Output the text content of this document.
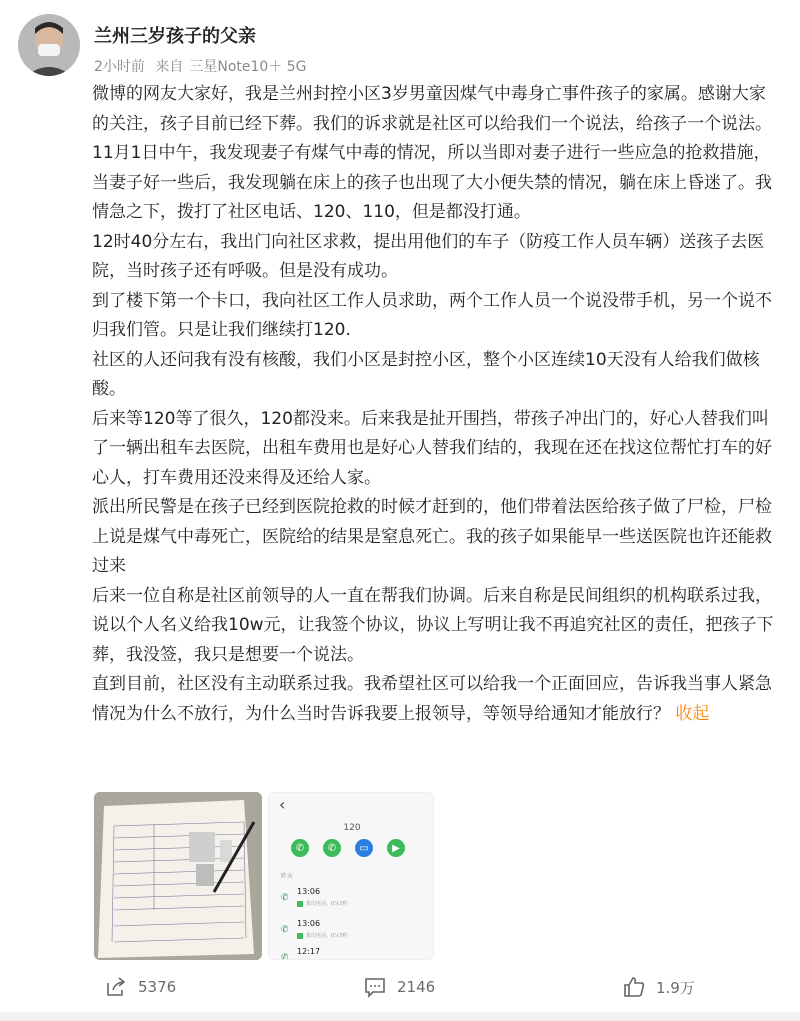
兰州三岁孩子的父亲
2小时前 来自 三星Note10＋ 5G

微博的网友大家好，我是兰州封控小区3岁男童因煤气中毒身亡事件孩子的家属。感谢大家的关注，孩子目前已经下葬。我们的诉求就是社区可以给我们一个说法，给孩子一个说法。

11月1日中午，我发现妻子有煤气中毒的情况，所以当即对妻子进行一些应急的抢救措施，当妻子好一些后，我发现躺在床上的孩子也出现了大小便失禁的情况，躺在床上昏迷了。我情急之下，拨打了社区电话、120、110，但是都没打通。

12时40分左右，我出门向社区求救，提出用他们的车子（防疫工作人员车辆）送孩子去医院，当时孩子还有呼吸。但是没有成功。

到了楼下第一个卡口，我向社区工作人员求助，两个工作人员一个说没带手机，另一个说不归我们管。只是让我们继续打120.

社区的人还问我有没有核酸，我们小区是封控小区，整个小区连续10天没有人给我们做核酸。

后来等120等了很久，120都没来。后来我是扯开围挡，带孩子冲出门的，好心人替我们叫了一辆出租车去医院，出租车费用也是好心人替我们结的，我现在还在找这位帮忙打车的好心人，打车费用还没来得及还给人家。

派出所民警是在孩子已经到医院抢救的时候才赶到的，他们带着法医给孩子做了尸检，尸检上说是煤气中毒死亡，医院给的结果是窒息死亡。我的孩子如果能早一些送医院也许还能救过来

后来一位自称是社区前领导的人一直在帮我们协调。后来自称是民间组织的机构联系过我，说以个人名义给我10w元，让我签个协议，协议上写明让我不再追究社区的责任，把孩子下葬，我没签，我只是想要一个说法。

直到目前，社区没有主动联系过我。我希望社区可以给我一个正面回应，告诉我当事人紧急情况为什么不放行，为什么当时告诉我要上报领导，等领导给通知才能放行？ 收起

‹
120
✆	✆	▭	▶
昨天
✆
13:06
拨出电话，0分2秒
✆
13:06
拨出电话，0分3秒
✆
12:17
5376	2146	1.9万
